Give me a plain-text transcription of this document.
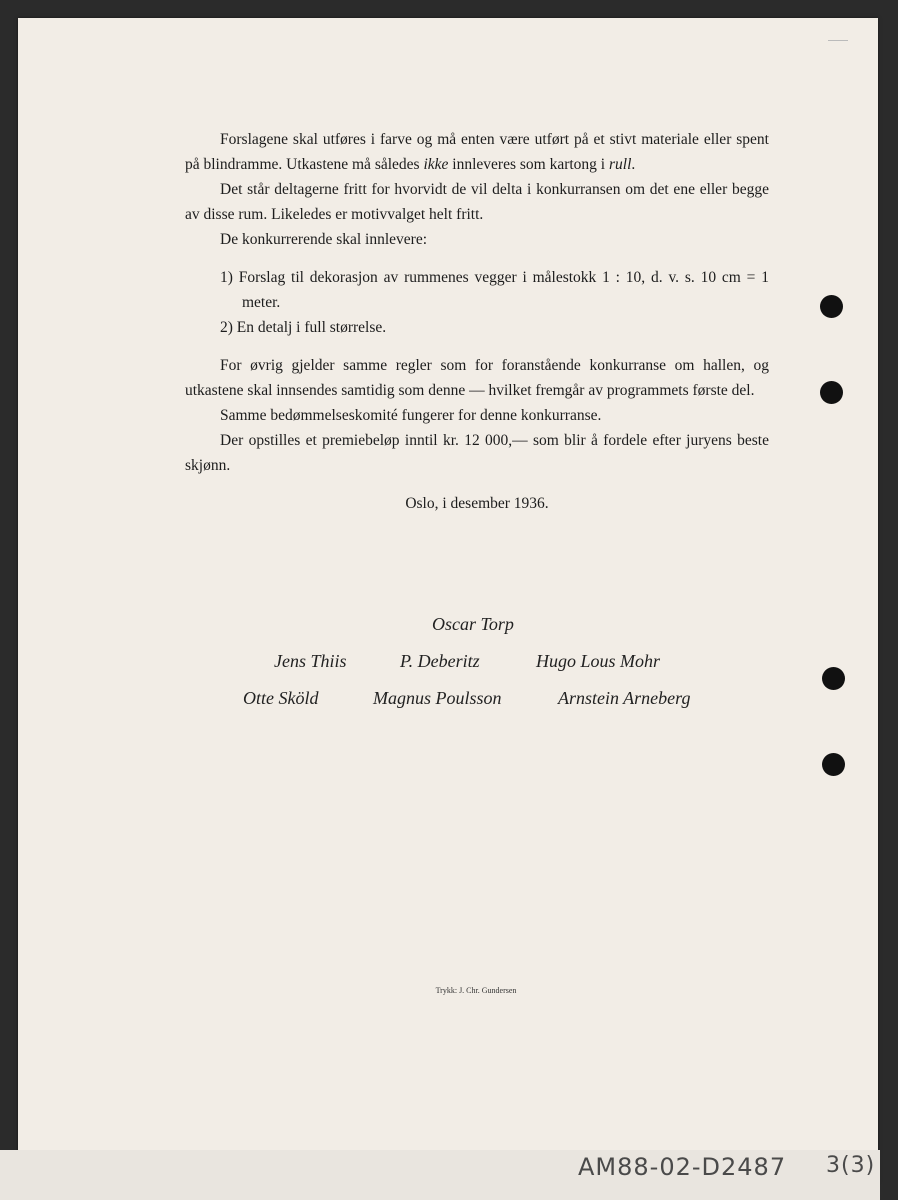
Forslagene skal utføres i farve og må enten være utført på et stivt materiale eller spent på blindramme. Utkastene må således ikke innleveres som kartong i rull.

Det står deltagerne fritt for hvorvidt de vil delta i konkurransen om det ene eller begge av disse rum. Likeledes er motivvalget helt fritt.

De konkurrerende skal innlevere:

1) Forslag til dekorasjon av rummenes vegger i målestokk 1 : 10, d. v. s. 10 cm = 1 meter.

2) En detalj i full størrelse.

For øvrig gjelder samme regler som for foranstående konkurranse om hallen, og utkastene skal innsendes samtidig som denne — hvilket fremgår av programmets første del.

Samme bedømmelseskomité fungerer for denne konkurranse.

Der opstilles et premiebeløp inntil kr. 12 000,— som blir å fordele efter juryens beste skjønn.

Oslo, i desember 1936.

Oscar Torp
Jens Thiis	P. Deberitz	Hugo Lous Mohr
Otte Sköld	Magnus Poulsson	Arnstein Arneberg
Trykk: J. Chr. Gundersen
AM88-02-D2487 3(3)
